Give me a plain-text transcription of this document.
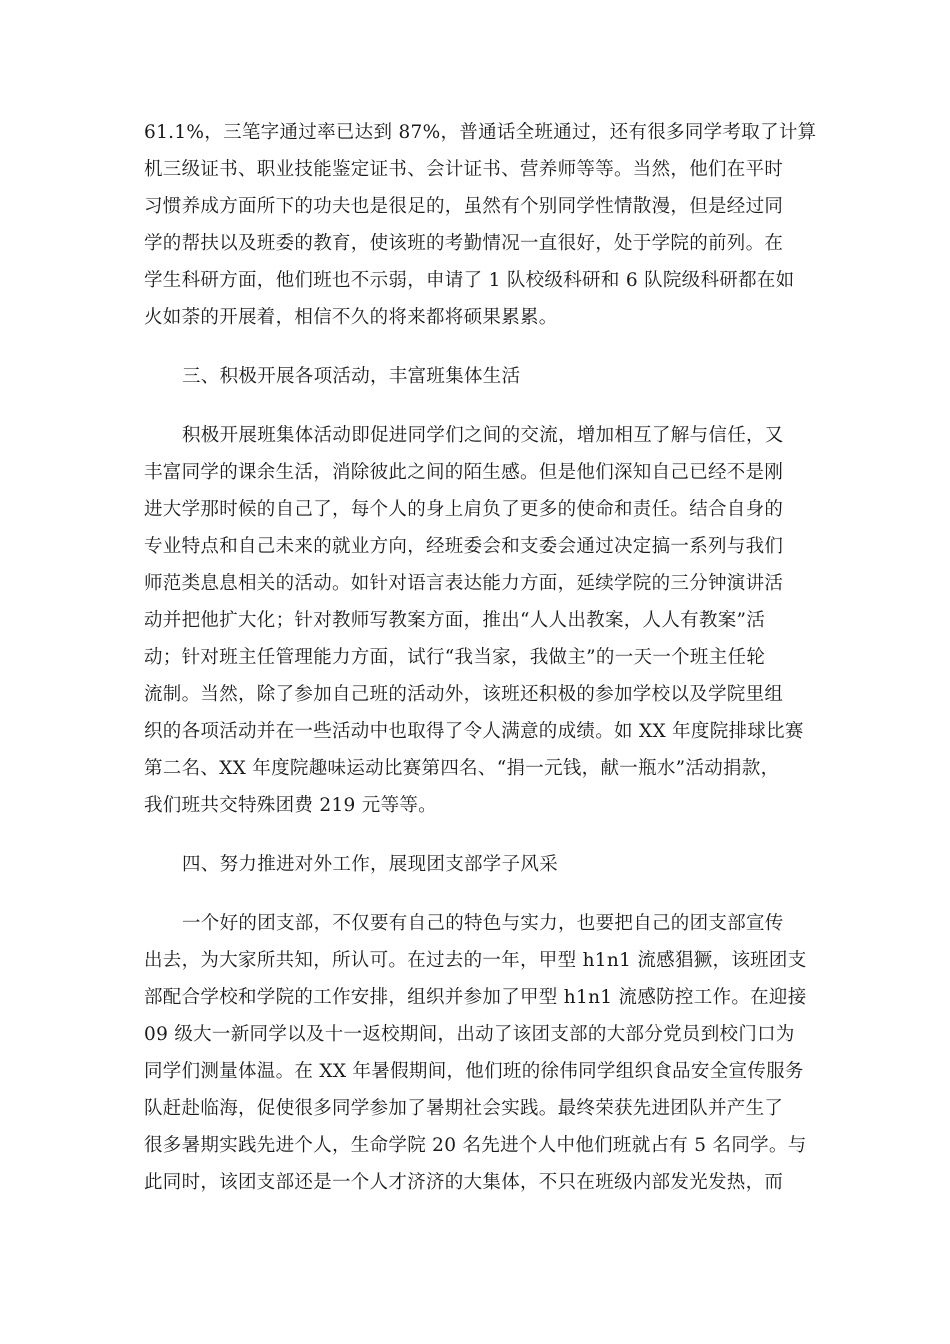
61.1%，三笔字通过率已达到 87%，普通话全班通过，还有很多同学考取了计算
机三级证书、职业技能鉴定证书、会计证书、营养师等等。当然，他们在平时
习惯养成方面所下的功夫也是很足的，虽然有个别同学性情散漫，但是经过同
学的帮扶以及班委的教育，使该班的考勤情况一直很好，处于学院的前列。在
学生科研方面，他们班也不示弱，申请了 1 队校级科研和 6 队院级科研都在如
火如荼的开展着，相信不久的将来都将硕果累累。
三、积极开展各项活动，丰富班集体生活
积极开展班集体活动即促进同学们之间的交流，增加相互了解与信任，又
丰富同学的课余生活，消除彼此之间的陌生感。但是他们深知自己已经不是刚
进大学那时候的自己了，每个人的身上肩负了更多的使命和责任。结合自身的
专业特点和自己未来的就业方向，经班委会和支委会通过决定搞一系列与我们
师范类息息相关的活动。如针对语言表达能力方面，延续学院的三分钟演讲活
动并把他扩大化；针对教师写教案方面，推出“人人出教案，人人有教案”活
动；针对班主任管理能力方面，试行“我当家，我做主”的一天一个班主任轮
流制。当然，除了参加自己班的活动外，该班还积极的参加学校以及学院里组
织的各项活动并在一些活动中也取得了令人满意的成绩。如 XX 年度院排球比赛
第二名、XX 年度院趣味运动比赛第四名、“捐一元钱，献一瓶水”活动捐款，
我们班共交特殊团费 219 元等等。
四、努力推进对外工作，展现团支部学子风采
一个好的团支部，不仅要有自己的特色与实力，也要把自己的团支部宣传
出去，为大家所共知，所认可。在过去的一年，甲型 h1n1 流感猖獗，该班团支
部配合学校和学院的工作安排，组织并参加了甲型 h1n1 流感防控工作。在迎接
09 级大一新同学以及十一返校期间，出动了该团支部的大部分党员到校门口为
同学们测量体温。在 XX 年暑假期间，他们班的徐伟同学组织食品安全宣传服务
队赶赴临海，促使很多同学参加了暑期社会实践。最终荣获先进团队并产生了
很多暑期实践先进个人，生命学院 20 名先进个人中他们班就占有 5 名同学。与
此同时，该团支部还是一个人才济济的大集体，不只在班级内部发光发热，而
